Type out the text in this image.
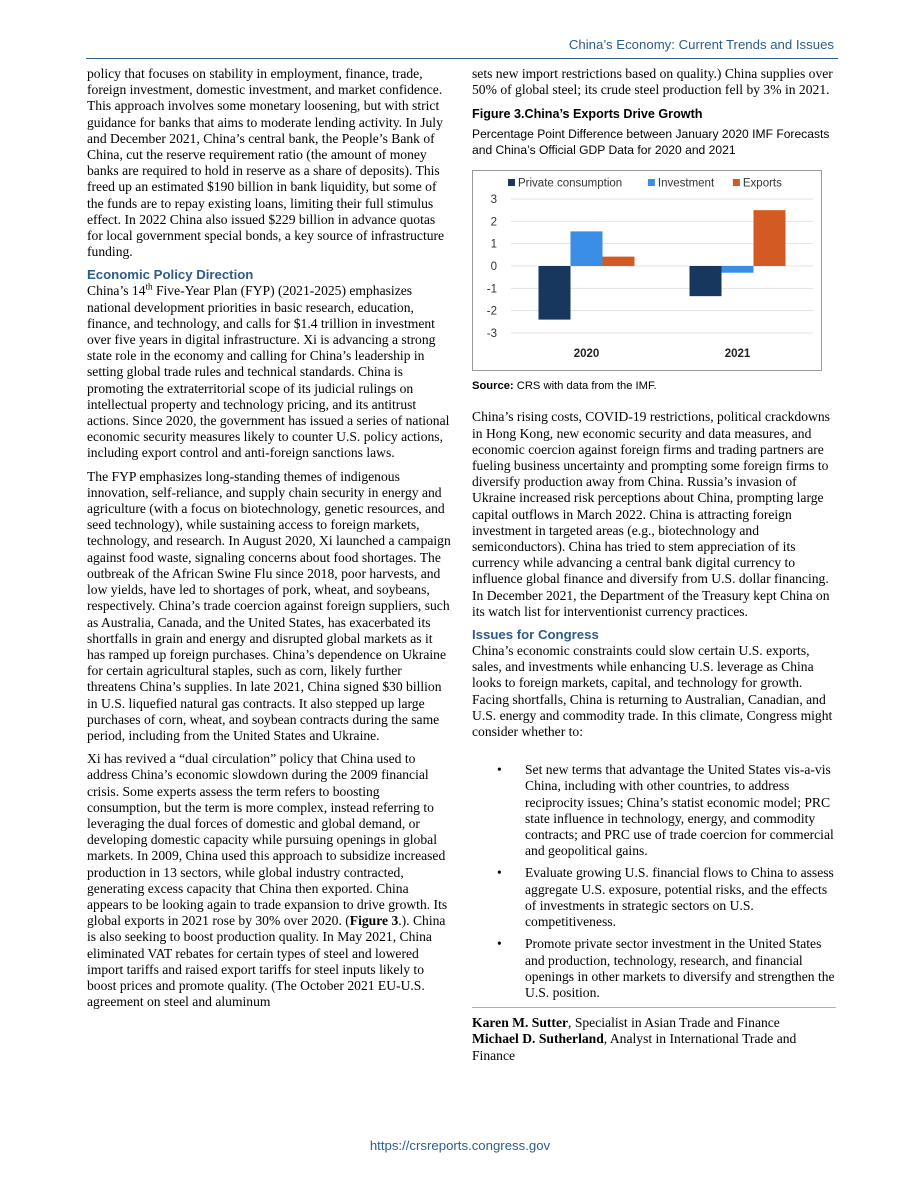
China’s Economy: Current Trends and Issues

policy that focuses on stability in employment, finance, trade, foreign investment, domestic investment, and market confidence. This approach involves some monetary loosening, but with strict guidance for banks that aims to moderate lending activity. In July and December 2021, China’s central bank, the People’s Bank of China, cut the reserve requirement ratio (the amount of money banks are required to hold in reserve as a share of deposits). This freed up an estimated $190 billion in bank liquidity, but some of the funds are to repay existing loans, limiting their full stimulus effect. In 2022 China also issued $229 billion in advance quotas for local government special bonds, a key source of infrastructure funding.

Economic Policy Direction

China’s 14th Five-Year Plan (FYP) (2021-2025) emphasizes national development priorities in basic research, education, finance, and technology, and calls for $1.4 trillion in investment over five years in digital infrastructure. Xi is advancing a strong state role in the economy and calling for China’s leadership in setting global trade rules and technical standards. China is promoting the extraterritorial scope of its judicial rulings on intellectual property and technology pricing, and its antitrust actions. Since 2020, the government has issued a series of national economic security measures likely to counter U.S. policy actions, including export control and anti-foreign sanctions laws.

The FYP emphasizes long-standing themes of indigenous innovation, self-reliance, and supply chain security in energy and agriculture (with a focus on biotechnology, genetic resources, and seed technology), while sustaining access to foreign markets, technology, and research. In August 2020, Xi launched a campaign against food waste, signaling concerns about food shortages. The outbreak of the African Swine Flu since 2018, poor harvests, and low yields, have led to shortages of pork, wheat, and soybeans, respectively. China’s trade coercion against foreign suppliers, such as Australia, Canada, and the United States, has exacerbated its shortfalls in grain and energy and disrupted global markets as it has ramped up foreign purchases. China’s dependence on Ukraine for certain agricultural staples, such as corn, likely further threatens China’s supplies. In late 2021, China signed $30 billion in U.S. liquefied natural gas contracts. It also stepped up large purchases of corn, wheat, and soybean contracts during the same period, including from the United States and Ukraine.

Xi has revived a “dual circulation” policy that China used to address China’s economic slowdown during the 2009 financial crisis. Some experts assess the term refers to boosting consumption, but the term is more complex, instead referring to leveraging the dual forces of domestic and global demand, or developing domestic capacity while pursuing openings in global markets. In 2009, China used this approach to subsidize increased production in 13 sectors, while global industry contracted, generating excess capacity that China then exported. China appears to be looking again to trade expansion to drive growth. Its global exports in 2021 rose by 30% over 2020. (Figure 3.). China is also seeking to boost production quality. In May 2021, China eliminated VAT rebates for certain types of steel and lowered import tariffs and raised export tariffs for steel inputs likely to boost prices and promote quality. (The October 2021 EU-U.S. agreement on steel and aluminum

sets new import restrictions based on quality.) China supplies over 50% of global steel; its crude steel production fell by 3% in 2021.

Figure 3.China’s Exports Drive Growth
Percentage Point Difference between January 2020 IMF Forecasts and China’s Official GDP Data for 2020 and 2021
Private consumption	Investment	Exports
3
2
1
0
-1
-2
-3
2020	2021
Source: CRS with data from the IMF.

China’s rising costs, COVID-19 restrictions, political crackdowns in Hong Kong, new economic security and data measures, and economic coercion against foreign firms and trading partners are fueling business uncertainty and prompting some foreign firms to diversify production away from China. Russia’s invasion of Ukraine increased risk perceptions about China, prompting large capital outflows in March 2022. China is attracting foreign investment in targeted areas (e.g., biotechnology and semiconductors). China has tried to stem appreciation of its currency while advancing a central bank digital currency to influence global finance and diversify from U.S. dollar financing. In December 2021, the Department of the Treasury kept China on its watch list for interventionist currency practices.

Issues for Congress

China’s economic constraints could slow certain U.S. exports, sales, and investments while enhancing U.S. leverage as China looks to foreign markets, capital, and technology for growth. Facing shortfalls, China is returning to Australian, Canadian, and U.S. energy and commodity trade. In this climate, Congress might consider whether to:

• Set new terms that advantage the United States vis-a-vis China, including with other countries, to address reciprocity issues; China’s statist economic model; PRC state influence in technology, energy, and commodity contracts; and PRC use of trade coercion for commercial and geopolitical gains.
• Evaluate growing U.S. financial flows to China to assess aggregate U.S. exposure, potential risks, and the effects of investments in strategic sectors on U.S. competitiveness.
• Promote private sector investment in the United States and production, technology, research, and financial openings in other markets to diversify and strengthen the U.S. position.
Karen M. Sutter, Specialist in Asian Trade and Finance
Michael D. Sutherland, Analyst in International Trade and Finance
https://crsreports.congress.gov
